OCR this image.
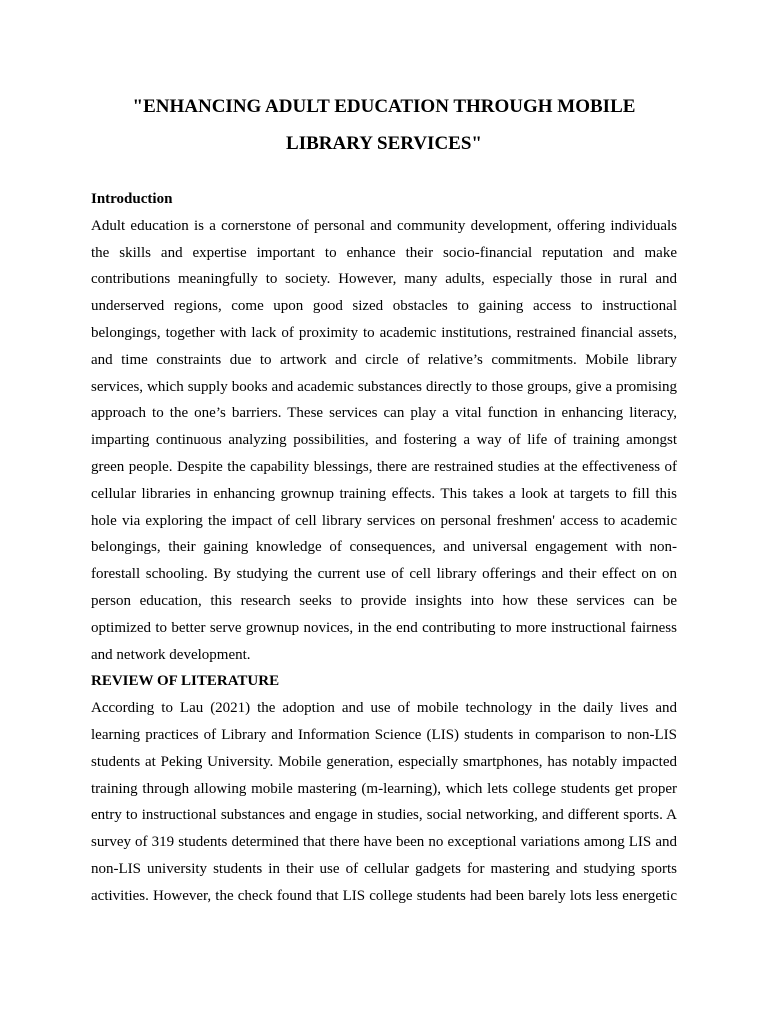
"ENHANCING ADULT EDUCATION THROUGH MOBILE
LIBRARY SERVICES"

Introduction

Adult education is a cornerstone of personal and community development, offering individuals
the skills and expertise important to enhance their socio-financial reputation and make
contributions meaningfully to society. However, many adults, especially those in rural and
underserved regions, come upon good sized obstacles to gaining access to instructional
belongings, together with lack of proximity to academic institutions, restrained financial assets,
and time constraints due to artwork and circle of relative’s commitments. Mobile library
services, which supply books and academic substances directly to those groups, give a promising
approach to the one’s barriers. These services can play a vital function in enhancing literacy,
imparting continuous analyzing possibilities, and fostering a way of life of training amongst
green people. Despite the capability blessings, there are restrained studies at the effectiveness of
cellular libraries in enhancing grownup training effects. This takes a look at targets to fill this
hole via exploring the impact of cell library services on personal freshmen' access to academic
belongings, their gaining knowledge of consequences, and universal engagement with non-
forestall schooling. By studying the current use of cell library offerings and their effect on on
person education, this research seeks to provide insights into how these services can be
optimized to better serve grownup novices, in the end contributing to more instructional fairness
and network development.

REVIEW OF LITERATURE

According to Lau (2021) the adoption and use of mobile technology in the daily lives and
learning practices of Library and Information Science (LIS) students in comparison to non-LIS
students at Peking University. Mobile generation, especially smartphones, has notably impacted
training through allowing mobile mastering (m-learning), which lets college students get proper
entry to instructional substances and engage in studies, social networking, and different sports. A
survey of 319 students determined that there have been no exceptional variations among LIS and
non-LIS university students in their use of cellular gadgets for mastering and studying sports
activities. However, the check found that LIS college students had been barely lots less energetic
